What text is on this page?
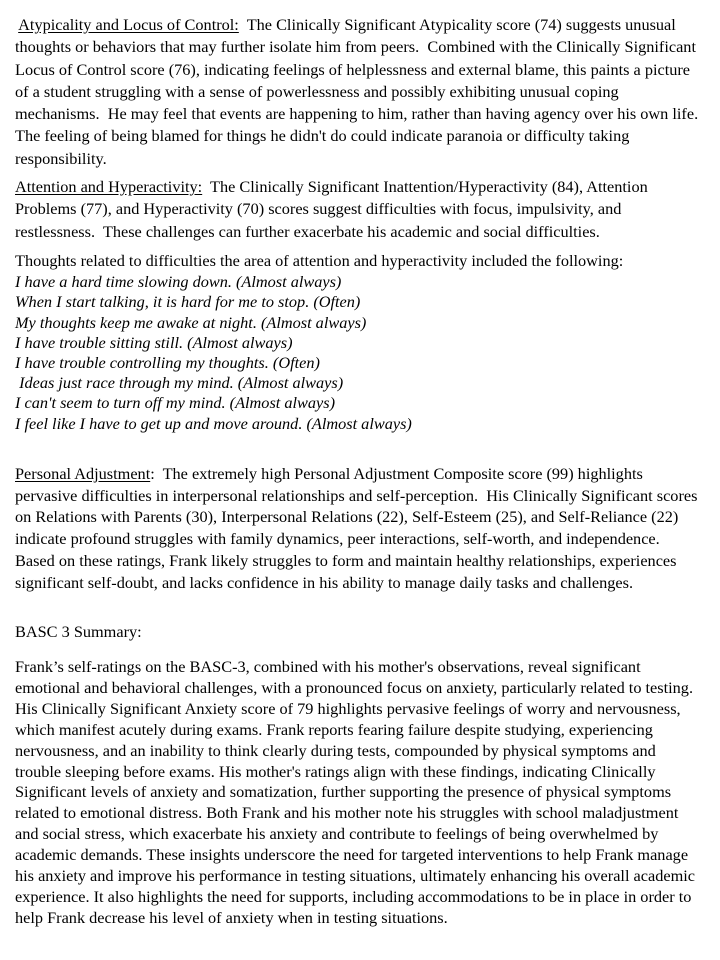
Atypicality and Locus of Control:  The Clinically Significant Atypicality score (74) suggests unusual
thoughts or behaviors that may further isolate him from peers.  Combined with the Clinically Significant
Locus of Control score (76), indicating feelings of helplessness and external blame, this paints a picture
of a student struggling with a sense of powerlessness and possibly exhibiting unusual coping
mechanisms.  He may feel that events are happening to him, rather than having agency over his own life.
The feeling of being blamed for things he didn't do could indicate paranoia or difficulty taking
responsibility.
Attention and Hyperactivity:  The Clinically Significant Inattention/Hyperactivity (84), Attention
Problems (77), and Hyperactivity (70) scores suggest difficulties with focus, impulsivity, and
restlessness.  These challenges can further exacerbate his academic and social difficulties.
Thoughts related to difficulties the area of attention and hyperactivity included the following:
I have a hard time slowing down. (Almost always)
When I start talking, it is hard for me to stop. (Often)
My thoughts keep me awake at night. (Almost always)
I have trouble sitting still. (Almost always)
I have trouble controlling my thoughts. (Often)
Ideas just race through my mind. (Almost always)
I can't seem to turn off my mind. (Almost always)
I feel like I have to get up and move around. (Almost always)
Personal Adjustment:  The extremely high Personal Adjustment Composite score (99) highlights
pervasive difficulties in interpersonal relationships and self-perception.  His Clinically Significant scores
on Relations with Parents (30), Interpersonal Relations (22), Self-Esteem (25), and Self-Reliance (22)
indicate profound struggles with family dynamics, peer interactions, self-worth, and independence.
Based on these ratings, Frank likely struggles to form and maintain healthy relationships, experiences
significant self-doubt, and lacks confidence in his ability to manage daily tasks and challenges.
BASC 3 Summary:
Frank’s self-ratings on the BASC-3, combined with his mother's observations, reveal significant
emotional and behavioral challenges, with a pronounced focus on anxiety, particularly related to testing.
His Clinically Significant Anxiety score of 79 highlights pervasive feelings of worry and nervousness,
which manifest acutely during exams. Frank reports fearing failure despite studying, experiencing
nervousness, and an inability to think clearly during tests, compounded by physical symptoms and
trouble sleeping before exams. His mother's ratings align with these findings, indicating Clinically
Significant levels of anxiety and somatization, further supporting the presence of physical symptoms
related to emotional distress. Both Frank and his mother note his struggles with school maladjustment
and social stress, which exacerbate his anxiety and contribute to feelings of being overwhelmed by
academic demands. These insights underscore the need for targeted interventions to help Frank manage
his anxiety and improve his performance in testing situations, ultimately enhancing his overall academic
experience. It also highlights the need for supports, including accommodations to be in place in order to
help Frank decrease his level of anxiety when in testing situations.
